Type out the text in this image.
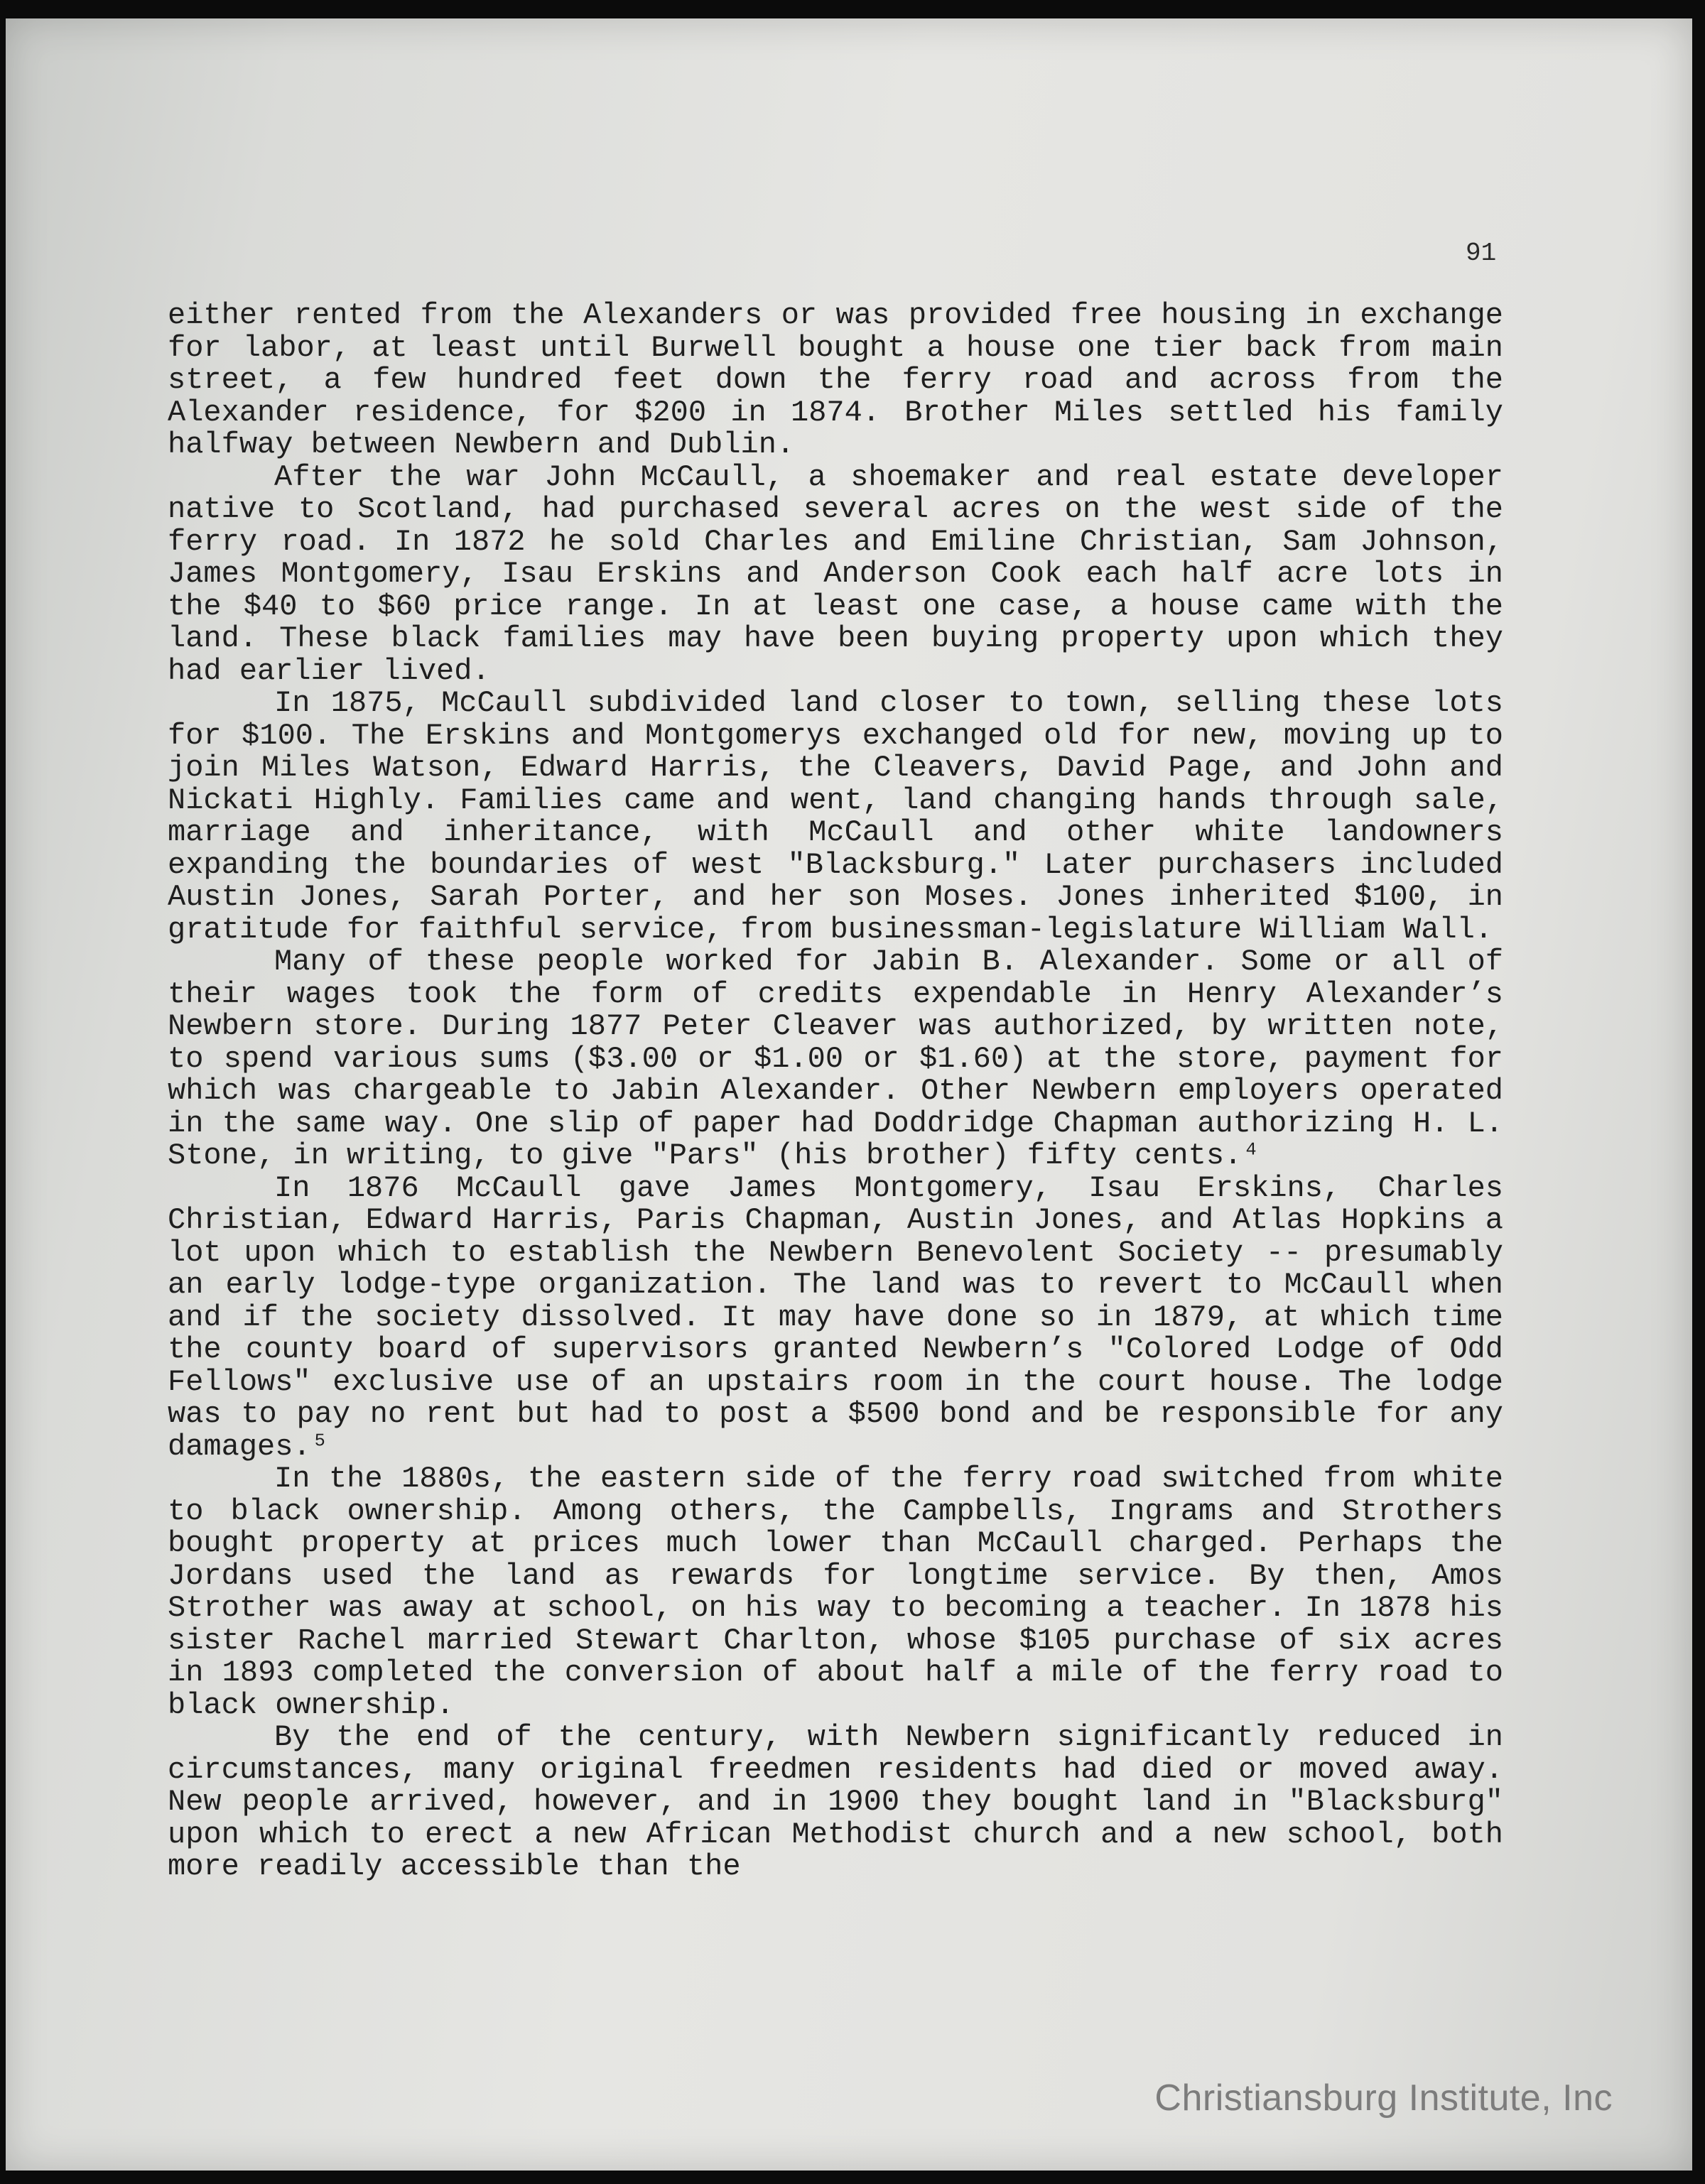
91

either rented from the Alexanders or was provided free housing in exchange for labor, at least until Burwell bought a house one tier back from main street, a few hundred feet down the ferry road and across from the Alexander residence, for $200 in 1874. Brother Miles settled his family halfway between Newbern and Dublin.

After the war John McCaull, a shoemaker and real estate developer native to Scotland, had purchased several acres on the west side of the ferry road. In 1872 he sold Charles and Emiline Christian, Sam Johnson, James Montgomery, Isau Erskins and Anderson Cook each half acre lots in the $40 to $60 price range. In at least one case, a house came with the land. These black families may have been buying property upon which they had earlier lived.

In 1875, McCaull subdivided land closer to town, selling these lots for $100. The Erskins and Montgomerys exchanged old for new, moving up to join Miles Watson, Edward Harris, the Cleavers, David Page, and John and Nickati Highly. Families came and went, land changing hands through sale, marriage and inheritance, with McCaull and other white landowners expanding the boundaries of west "Blacksburg." Later purchasers included Austin Jones, Sarah Porter, and her son Moses. Jones inherited $100, in gratitude for faithful service, from businessman-legislature William Wall.

Many of these people worked for Jabin B. Alexander. Some or all of their wages took the form of credits expendable in Henry Alexander’s Newbern store. During 1877 Peter Cleaver was authorized, by written note, to spend various sums ($3.00 or $1.00 or $1.60) at the store, payment for which was chargeable to Jabin Alexander. Other Newbern employers operated in the same way. One slip of paper had Doddridge Chapman authorizing H. L. Stone, in writing, to give "Pars" (his brother) fifty cents.⁴

In 1876 McCaull gave James Montgomery, Isau Erskins, Charles Christian, Edward Harris, Paris Chapman, Austin Jones, and Atlas Hopkins a lot upon which to establish the Newbern Benevolent Society -- presumably an early lodge-type organization. The land was to revert to McCaull when and if the society dissolved. It may have done so in 1879, at which time the county board of supervisors granted Newbern’s "Colored Lodge of Odd Fellows" exclusive use of an upstairs room in the court house. The lodge was to pay no rent but had to post a $500 bond and be responsible for any damages.⁵

In the 1880s, the eastern side of the ferry road switched from white to black ownership. Among others, the Campbells, Ingrams and Strothers bought property at prices much lower than McCaull charged. Perhaps the Jordans used the land as rewards for longtime service. By then, Amos Strother was away at school, on his way to becoming a teacher. In 1878 his sister Rachel married Stewart Charlton, whose $105 purchase of six acres in 1893 completed the conversion of about half a mile of the ferry road to black ownership.

By the end of the century, with Newbern significantly reduced in circumstances, many original freedmen residents had died or moved away. New people arrived, however, and in 1900 they bought land in "Blacksburg" upon which to erect a new African Methodist church and a new school, both more readily accessible than the

Christiansburg Institute, Inc
